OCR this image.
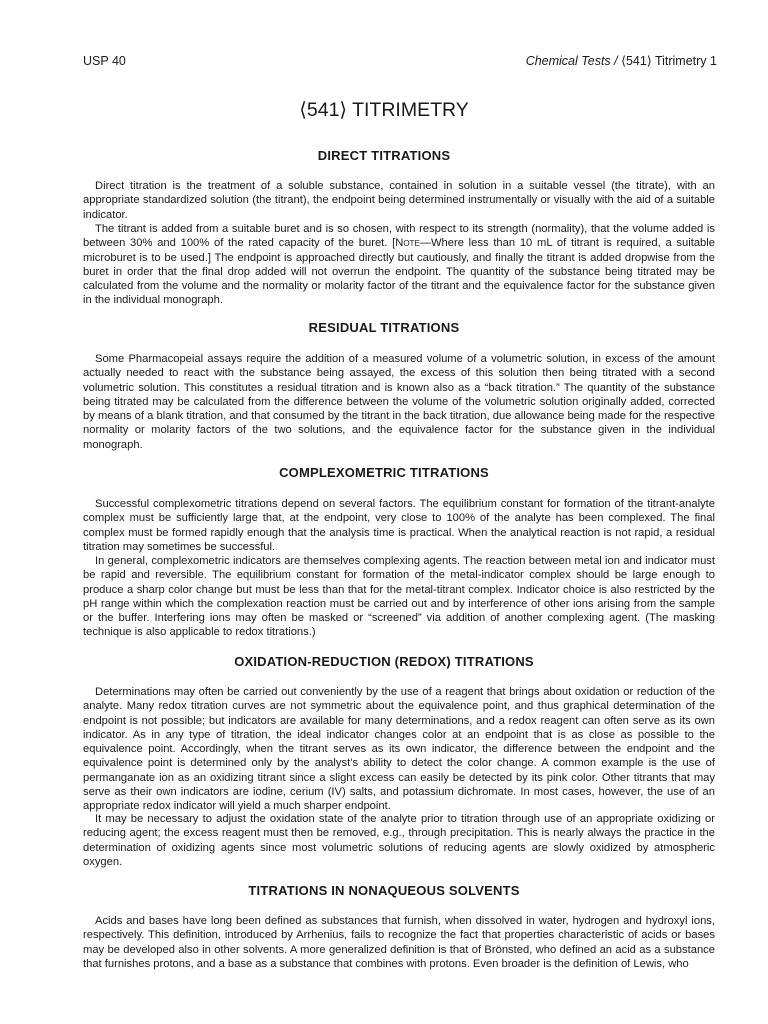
USP 40	Chemical Tests / ⟨541⟩ Titrimetry 1
⟨541⟩ TITRIMETRY
DIRECT TITRATIONS

Direct titration is the treatment of a soluble substance, contained in solution in a suitable vessel (the titrate), with an appropriate standardized solution (the titrant), the endpoint being determined instrumentally or visually with the aid of a suitable indicator.

The titrant is added from a suitable buret and is so chosen, with respect to its strength (normality), that the volume added is between 30% and 100% of the rated capacity of the buret. [Note—Where less than 10 mL of titrant is required, a suitable microburet is to be used.] The endpoint is approached directly but cautiously, and finally the titrant is added dropwise from the buret in order that the final drop added will not overrun the endpoint. The quantity of the substance being titrated may be calculated from the volume and the normality or molarity factor of the titrant and the equivalence factor for the substance given in the individual monograph.

RESIDUAL TITRATIONS

Some Pharmacopeial assays require the addition of a measured volume of a volumetric solution, in excess of the amount actually needed to react with the substance being assayed, the excess of this solution then being titrated with a second volumetric solution. This constitutes a residual titration and is known also as a “back titration.” The quantity of the substance being titrated may be calculated from the difference between the volume of the volumetric solution originally added, corrected by means of a blank titration, and that consumed by the titrant in the back titration, due allowance being made for the respective normality or molarity factors of the two solutions, and the equivalence factor for the substance given in the individual monograph.

COMPLEXOMETRIC TITRATIONS

Successful complexometric titrations depend on several factors. The equilibrium constant for formation of the titrant-analyte complex must be sufficiently large that, at the endpoint, very close to 100% of the analyte has been complexed. The final complex must be formed rapidly enough that the analysis time is practical. When the analytical reaction is not rapid, a residual titration may sometimes be successful.

In general, complexometric indicators are themselves complexing agents. The reaction between metal ion and indicator must be rapid and reversible. The equilibrium constant for formation of the metal-indicator complex should be large enough to produce a sharp color change but must be less than that for the metal-titrant complex. Indicator choice is also restricted by the pH range within which the complexation reaction must be carried out and by interference of other ions arising from the sample or the buffer. Interfering ions may often be masked or “screened” via addition of another complexing agent. (The masking technique is also applicable to redox titrations.)

OXIDATION-REDUCTION (REDOX) TITRATIONS

Determinations may often be carried out conveniently by the use of a reagent that brings about oxidation or reduction of the analyte. Many redox titration curves are not symmetric about the equivalence point, and thus graphical determination of the endpoint is not possible; but indicators are available for many determinations, and a redox reagent can often serve as its own indicator. As in any type of titration, the ideal indicator changes color at an endpoint that is as close as possible to the equivalence point. Accordingly, when the titrant serves as its own indicator, the difference between the endpoint and the equivalence point is determined only by the analyst’s ability to detect the color change. A common example is the use of permanganate ion as an oxidizing titrant since a slight excess can easily be detected by its pink color. Other titrants that may serve as their own indicators are iodine, cerium (IV) salts, and potassium dichromate. In most cases, however, the use of an appropriate redox indicator will yield a much sharper endpoint.

It may be necessary to adjust the oxidation state of the analyte prior to titration through use of an appropriate oxidizing or reducing agent; the excess reagent must then be removed, e.g., through precipitation. This is nearly always the practice in the determination of oxidizing agents since most volumetric solutions of reducing agents are slowly oxidized by atmospheric oxygen.

TITRATIONS IN NONAQUEOUS SOLVENTS

Acids and bases have long been defined as substances that furnish, when dissolved in water, hydrogen and hydroxyl ions, respectively. This definition, introduced by Arrhenius, fails to recognize the fact that properties characteristic of acids or bases may be developed also in other solvents. A more generalized definition is that of Brönsted, who defined an acid as a substance that furnishes protons, and a base as a substance that combines with protons. Even broader is the definition of Lewis, who
